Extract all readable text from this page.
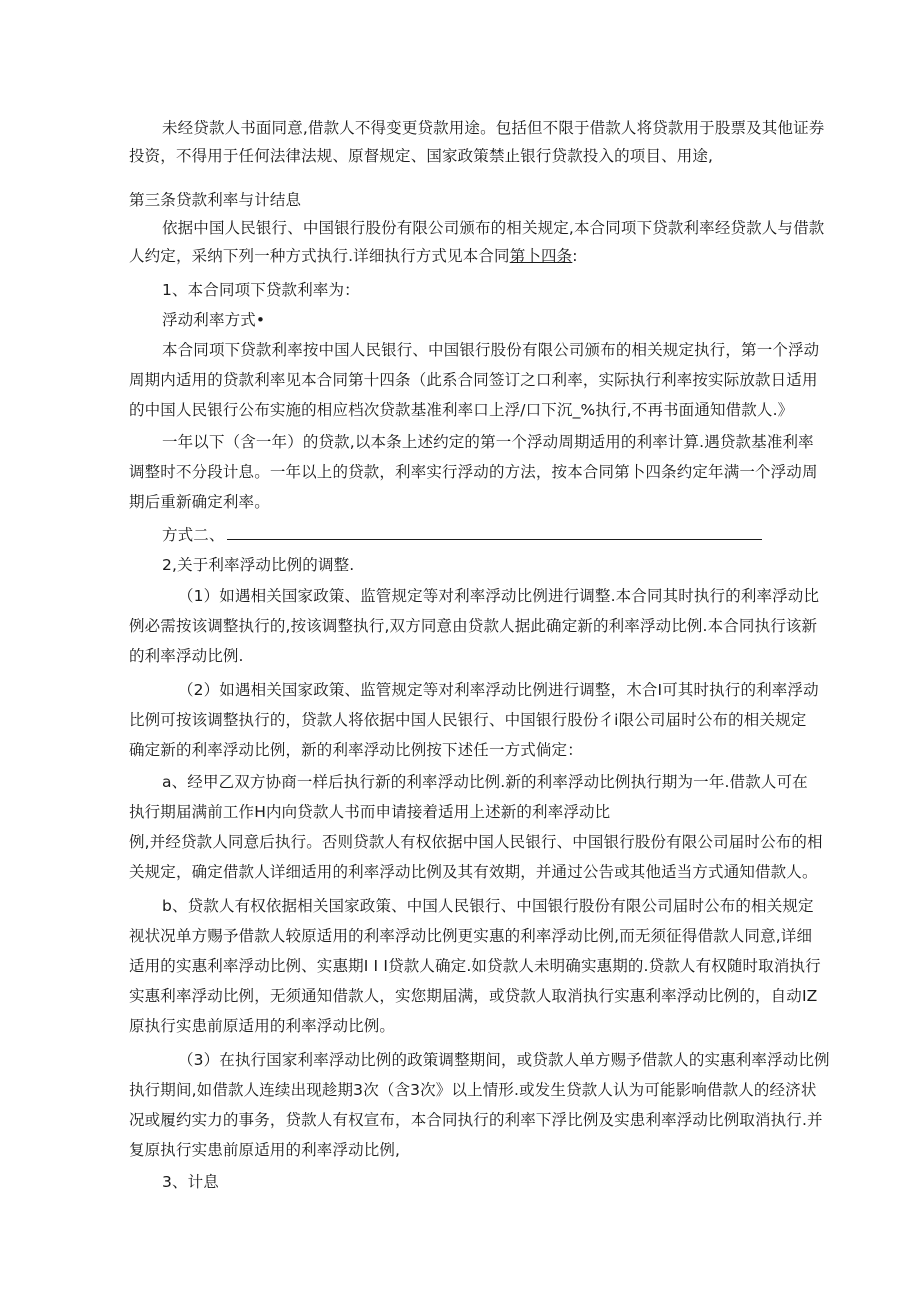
未经贷款人书面同意,借款人不得变更贷款用途。包括但不限于借款人将贷款用于股票及其他证券
投资，不得用于任何法律法规、原督规定、国家政策禁止银行贷款投入的项目、用途,
第三条贷款利率与计结息
依据中国人民银行、中国银行股份有限公司颁布的相关规定,本合同项下贷款利率经贷款人与借款
人约定，采纳下列一种方式执行.详细执行方式见本合同第卜四条:
1、本合同项下贷款利率为：
浮动利率方式•
本合同项下贷款利率按中国人民银行、中国银行股份有限公司颁布的相关规定执行，第一个浮动
周期内适用的贷款利率见本合同第十四条（此系合同签订之口利率，实际执行利率按实际放款日适用
的中国人民银行公布实施的相应档次贷款基准利率口上浮/口下沉_%执行,不再书面通知借款人.》
一年以下（含一年）的贷款,以本条上述约定的第一个浮动周期适用的利率计算.遇贷款基准利率
调整时不分段计息。一年以上的贷款，利率实行浮动的方法，按本合同第卜四条约定年满一个浮动周
期后重新确定利率。
方式二、
2,关于利率浮动比例的调整.
（1）如遇相关国家政策、监管规定等对利率浮动比例进行调整.本合同其时执行的利率浮动比
例必需按该调整执行的,按该调整执行,双方同意由贷款人据此确定新的利率浮动比例.本合同执行该新
的利率浮动比例.
（2）如遇相关国家政策、监管规定等对利率浮动比例进行调整，木合I可其时执行的利率浮动
比例可按该调整执行的，贷款人将依据中国人民银行、中国银行股份彳i限公司届时公布的相关规定
确定新的利率浮动比例，新的利率浮动比例按下述任一方式倘定：
a、经甲乙双方协商一样后执行新的利率浮动比例.新的利率浮动比例执行期为一年.借款人可在
执行期届满前工作H内向贷款人书而申请接着适用上述新的利率浮动比
例,并经贷款人同意后执行。否则贷款人有权依据中国人民银行、中国银行股份有限公司届时公布的相
关规定，确定借款人详细适用的利率浮动比例及其有效期，并通过公告或其他适当方式通知借款人。
b、贷款人有权依据相关国家政策、中国人民银行、中国银行股份有限公司届时公布的相关规定
视状况单方赐予借款人较原适用的利率浮动比例更实惠的利率浮动比例,而无须征得借款人同意,详细
适用的实惠利率浮动比例、实惠期I I I贷款人确定.如贷款人未明确实惠期的.贷款人有权随时取消执行
实惠利率浮动比例，无须通知借款人，实您期届满，或贷款人取消执行实惠利率浮动比例的，自动IZ
原执行实患前原适用的利率浮动比例。
（3）在执行国家利率浮动比例的政策调整期间，或贷款人单方赐予借款人的实惠利率浮动比例
执行期间,如借款人连续出现趁期3次（含3次》以上情形.或发生贷款人认为可能影响借款人的经济状
况或履约实力的事务，贷款人有权宣布，本合同执行的利率下浮比例及实患利率浮动比例取消执行.并
复原执行实患前原适用的利率浮动比例,
3、计息
